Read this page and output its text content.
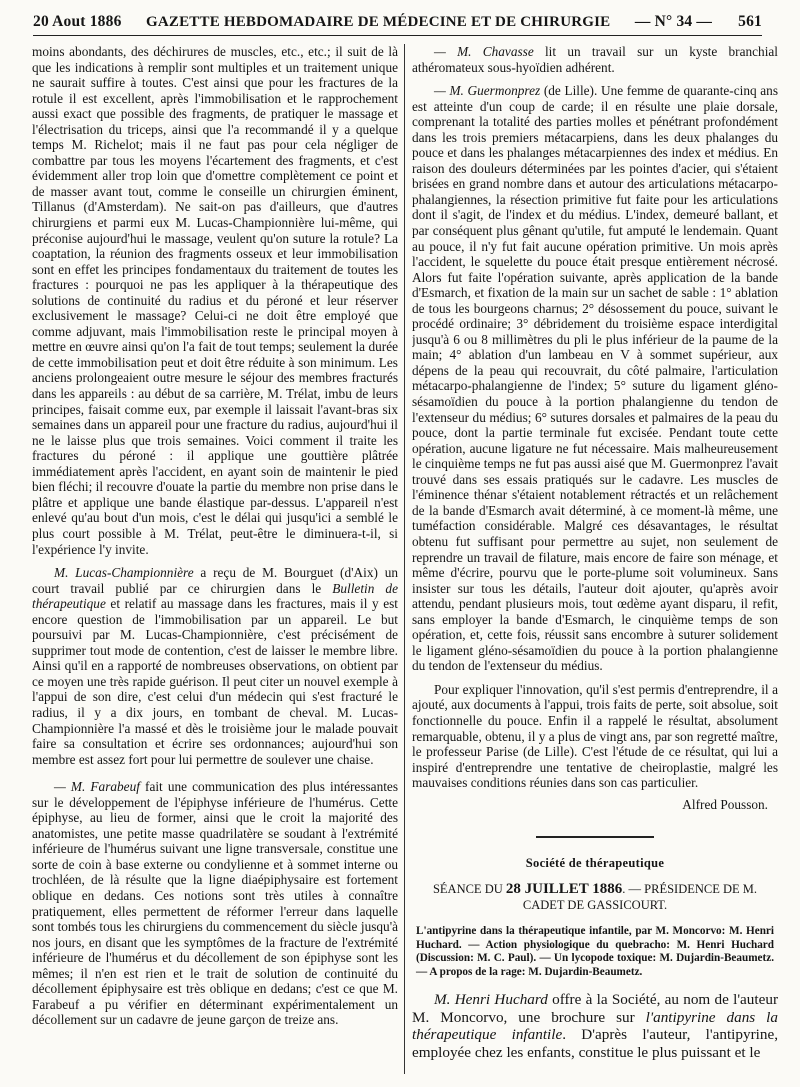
20 Aout 1886	GAZETTE HEBDOMADAIRE DE MÉDECINE ET DE CHIRURGIE	— N° 34 — 561

moins abondants, des déchirures de muscles, etc., etc.; il suit de là que les indications à remplir sont multiples et un traitement unique ne saurait suffire à toutes. C'est ainsi que pour les fractures de la rotule il est excellent, après l'immobilisation et le rapprochement aussi exact que possible des fragments, de pratiquer le massage et l'électrisation du triceps, ainsi que l'a recommandé il y a quelque temps M. Richelot; mais il ne faut pas pour cela négliger de combattre par tous les moyens l'écartement des fragments, et c'est évidemment aller trop loin que d'omettre complètement ce point et de masser avant tout, comme le conseille un chirurgien éminent, Tillanus (d'Amsterdam). Ne sait-on pas d'ailleurs, que d'autres chirurgiens et parmi eux M. Lucas-Championnière lui-même, qui préconise aujourd'hui le massage, veulent qu'on suture la rotule? La coaptation, la réunion des fragments osseux et leur immobilisation sont en effet les principes fondamentaux du traitement de toutes les fractures : pourquoi ne pas les appliquer à la thérapeutique des solutions de continuité du radius et du péroné et leur réserver exclusivement le massage? Celui-ci ne doit être employé que comme adjuvant, mais l'immobilisation reste le principal moyen à mettre en œuvre ainsi qu'on l'a fait de tout temps; seulement la durée de cette immobilisation peut et doit être réduite à son minimum. Les anciens prolongeaient outre mesure le séjour des membres fracturés dans les appareils : au début de sa carrière, M. Trélat, imbu de leurs principes, faisait comme eux, par exemple il laissait l'avant-bras six semaines dans un appareil pour une fracture du radius, aujourd'hui il ne le laisse plus que trois semaines. Voici comment il traite les fractures du péroné : il applique une gouttière plâtrée immédiatement après l'accident, en ayant soin de maintenir le pied bien fléchi; il recouvre d'ouate la partie du membre non prise dans le plâtre et applique une bande élastique par-dessus. L'appareil n'est enlevé qu'au bout d'un mois, c'est le délai qui jusqu'ici a semblé le plus court possible à M. Trélat, peut-être le diminuera-t-il, si l'expérience l'y invite.

M. Lucas-Championnière a reçu de M. Bourguet (d'Aix) un court travail publié par ce chirurgien dans le Bulletin de thérapeutique et relatif au massage dans les fractures, mais il y est encore question de l'immobilisation par un appareil. Le but poursuivi par M. Lucas-Championnière, c'est précisément de supprimer tout mode de contention, c'est de laisser le membre libre. Ainsi qu'il en a rapporté de nombreuses observations, on obtient par ce moyen une très rapide guérison. Il peut citer un nouvel exemple à l'appui de son dire, c'est celui d'un médecin qui s'est fracturé le radius, il y a dix jours, en tombant de cheval. M. Lucas-Championnière l'a massé et dès le troisième jour le malade pouvait faire sa consultation et écrire ses ordonnances; aujourd'hui son membre est assez fort pour lui permettre de soulever une chaise.

— M. Farabeuf fait une communication des plus intéressantes sur le développement de l'épiphyse inférieure de l'humérus. Cette épiphyse, au lieu de former, ainsi que le croit la majorité des anatomistes, une petite masse quadrilatère se soudant à l'extrémité inférieure de l'humérus suivant une ligne transversale, constitue une sorte de coin à base externe ou condylienne et à sommet interne ou trochléen, de là résulte que la ligne diaépiphysaire est fortement oblique en dedans. Ces notions sont très utiles à connaître pratiquement, elles permettent de réformer l'erreur dans laquelle sont tombés tous les chirurgiens du commencement du siècle jusqu'à nos jours, en disant que les symptômes de la fracture de l'extrémité inférieure de l'humérus et du décollement de son épiphyse sont les mêmes; il n'en est rien et le trait de solution de continuité du décollement épiphysaire est très oblique en dedans; c'est ce que M. Farabeuf a pu vérifier en déterminant expérimentalement un décollement sur un cadavre de jeune garçon de treize ans.

— M. Chavasse lit un travail sur un kyste branchial athéromateux sous-hyoïdien adhérent.

— M. Guermonprez (de Lille). Une femme de quarante-cinq ans est atteinte d'un coup de carde; il en résulte une plaie dorsale, comprenant la totalité des parties molles et pénétrant profondément dans les trois premiers métacarpiens, dans les deux phalanges du pouce et dans les phalanges métacarpiennes des index et médius. En raison des douleurs déterminées par les pointes d'acier, qui s'étaient brisées en grand nombre dans et autour des articulations métacarpo-phalangiennes, la résection primitive fut faite pour les articulations dont il s'agit, de l'index et du médius. L'index, demeuré ballant, et par conséquent plus gênant qu'utile, fut amputé le lendemain. Quant au pouce, il n'y fut fait aucune opération primitive. Un mois après l'accident, le squelette du pouce était presque entièrement nécrosé. Alors fut faite l'opération suivante, après application de la bande d'Esmarch, et fixation de la main sur un sachet de sable : 1° ablation de tous les bourgeons charnus; 2° désossement du pouce, suivant le procédé ordinaire; 3° débridement du troisième espace interdigital jusqu'à 6 ou 8 millimètres du pli le plus inférieur de la paume de la main; 4° ablation d'un lambeau en V à sommet supérieur, aux dépens de la peau qui recouvrait, du côté palmaire, l'articulation métacarpo-phalangienne de l'index; 5° suture du ligament gléno-sésamoïdien du pouce à la portion phalangienne du tendon de l'extenseur du médius; 6° sutures dorsales et palmaires de la peau du pouce, dont la partie terminale fut excisée. Pendant toute cette opération, aucune ligature ne fut nécessaire. Mais malheureusement le cinquième temps ne fut pas aussi aisé que M. Guermonprez l'avait trouvé dans ses essais pratiqués sur le cadavre. Les muscles de l'éminence thénar s'étaient notablement rétractés et un relâchement de la bande d'Esmarch avait déterminé, à ce moment-là même, une tuméfaction considérable. Malgré ces désavantages, le résultat obtenu fut suffisant pour permettre au sujet, non seulement de reprendre un travail de filature, mais encore de faire son ménage, et même d'écrire, pourvu que le porte-plume soit volumineux. Sans insister sur tous les détails, l'auteur doit ajouter, qu'après avoir attendu, pendant plusieurs mois, tout œdème ayant disparu, il refit, sans employer la bande d'Esmarch, le cinquième temps de son opération, et, cette fois, réussit sans encombre à suturer solidement le ligament gléno-sésamoïdien du pouce à la portion phalangienne du tendon de l'extenseur du médius.

Pour expliquer l'innovation, qu'il s'est permis d'entreprendre, il a ajouté, aux documents à l'appui, trois faits de perte, soit absolue, soit fonctionnelle du pouce. Enfin il a rappelé le résultat, absolument remarquable, obtenu, il y a plus de vingt ans, par son regretté maître, le professeur Parise (de Lille). C'est l'étude de ce résultat, qui lui a inspiré d'entreprendre une tentative de cheiroplastie, malgré les mauvaises conditions réunies dans son cas particulier.

Alfred Pousson.

Société de thérapeutique

SÉANCE DU 28 JUILLET 1886. — PRÉSIDENCE DE M. CADET DE GASSICOURT.

L'antipyrine dans la thérapeutique infantile, par M. Moncorvo: M. Henri Huchard. — Action physiologique du quebracho: M. Henri Huchard (Discussion: M. C. Paul). — Un lycopode toxique: M. Dujardin-Beaumetz. — A propos de la rage: M. Dujardin-Beaumetz.

M. Henri Huchard offre à la Société, au nom de l'auteur M. Moncorvo, une brochure sur l'antipyrine dans la thérapeutique infantile. D'après l'auteur, l'antipyrine, employée chez les enfants, constitue le plus puissant et le
